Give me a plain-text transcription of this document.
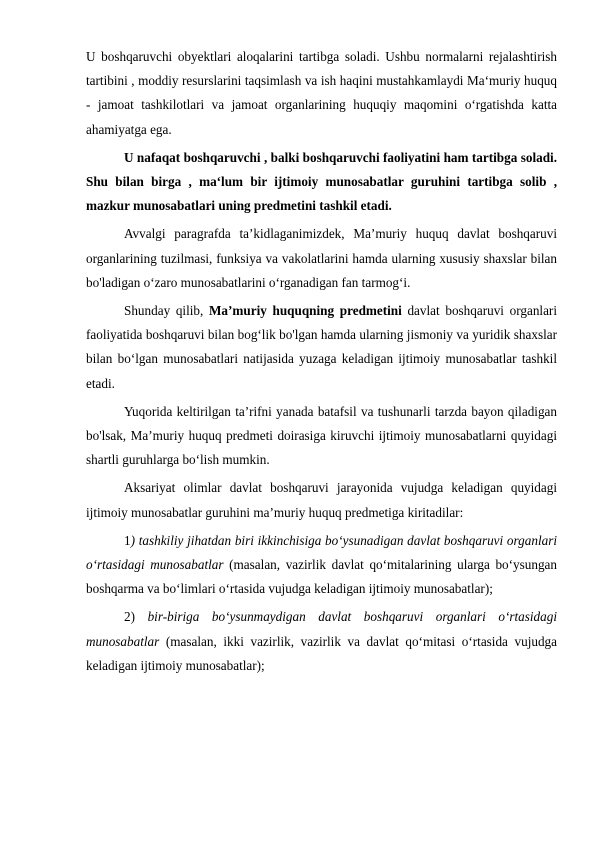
U boshqaruvchi obyektlari aloqalarini tartibga soladi. Ushbu normalarni rejalashtirish tartibini , moddiy resurslarini taqsimlash va ish haqini mustahkamlaydi Ma‘muriy huquq - jamoat tashkilotlari va jamoat organlarining huquqiy maqomini o‘rgatishda katta ahamiyatga ega.

U nafaqat boshqaruvchi , balki boshqaruvchi faoliyatini ham tartibga soladi. Shu bilan birga , ma‘lum bir ijtimoiy munosabatlar guruhini tartibga solib , mazkur munosabatlari uning predmetini tashkil etadi.

Avvalgi paragrafda ta’kidlaganimizdek, Ma’muriy huquq davlat boshqaruvi organlarining tuzilmasi, funksiya va vakolatlarini hamda ularning xususiy shaxslar bilan bo'ladigan o‘zaro munosabatlarini o‘rganadigan fan tarmog‘i.

Shunday qilib, Ma’muriy huquqning predmetini davlat boshqaruvi organlari faoliyatida boshqaruvi bilan bog‘lik bo'lgan hamda ularning jismoniy va yuridik shaxslar bilan bo‘lgan munosabatlari natijasida yuzaga keladigan ijtimoiy munosabatlar tashkil etadi.

Yuqorida keltirilgan ta’rifni yanada batafsil va tushunarli tarzda bayon qiladigan bo'lsak, Ma’muriy huquq predmeti doirasiga kiruvchi ijtimoiy munosabatlarni quyidagi shartli guruhlarga bo‘lish mumkin.

Aksariyat olimlar davlat boshqaruvi jarayonida vujudga keladigan quyidagi ijtimoiy munosabatlar guruhini ma’muriy huquq predmetiga kiritadilar:

1) tashkiliy jihatdan biri ikkinchisiga bo‘ysunadigan davlat boshqaruvi organlari o‘rtasidagi munosabatlar (masalan, vazirlik davlat qo‘mitalarining ularga bo‘ysungan boshqarma va bo‘limlari o‘rtasida vujudga keladigan ijtimoiy munosabatlar);

2) bir-biriga bo‘ysunmaydigan davlat boshqaruvi organlari o‘rtasidagi munosabatlar (masalan, ikki vazirlik, vazirlik va davlat qo‘mitasi o‘rtasida vujudga keladigan ijtimoiy munosabatlar);
